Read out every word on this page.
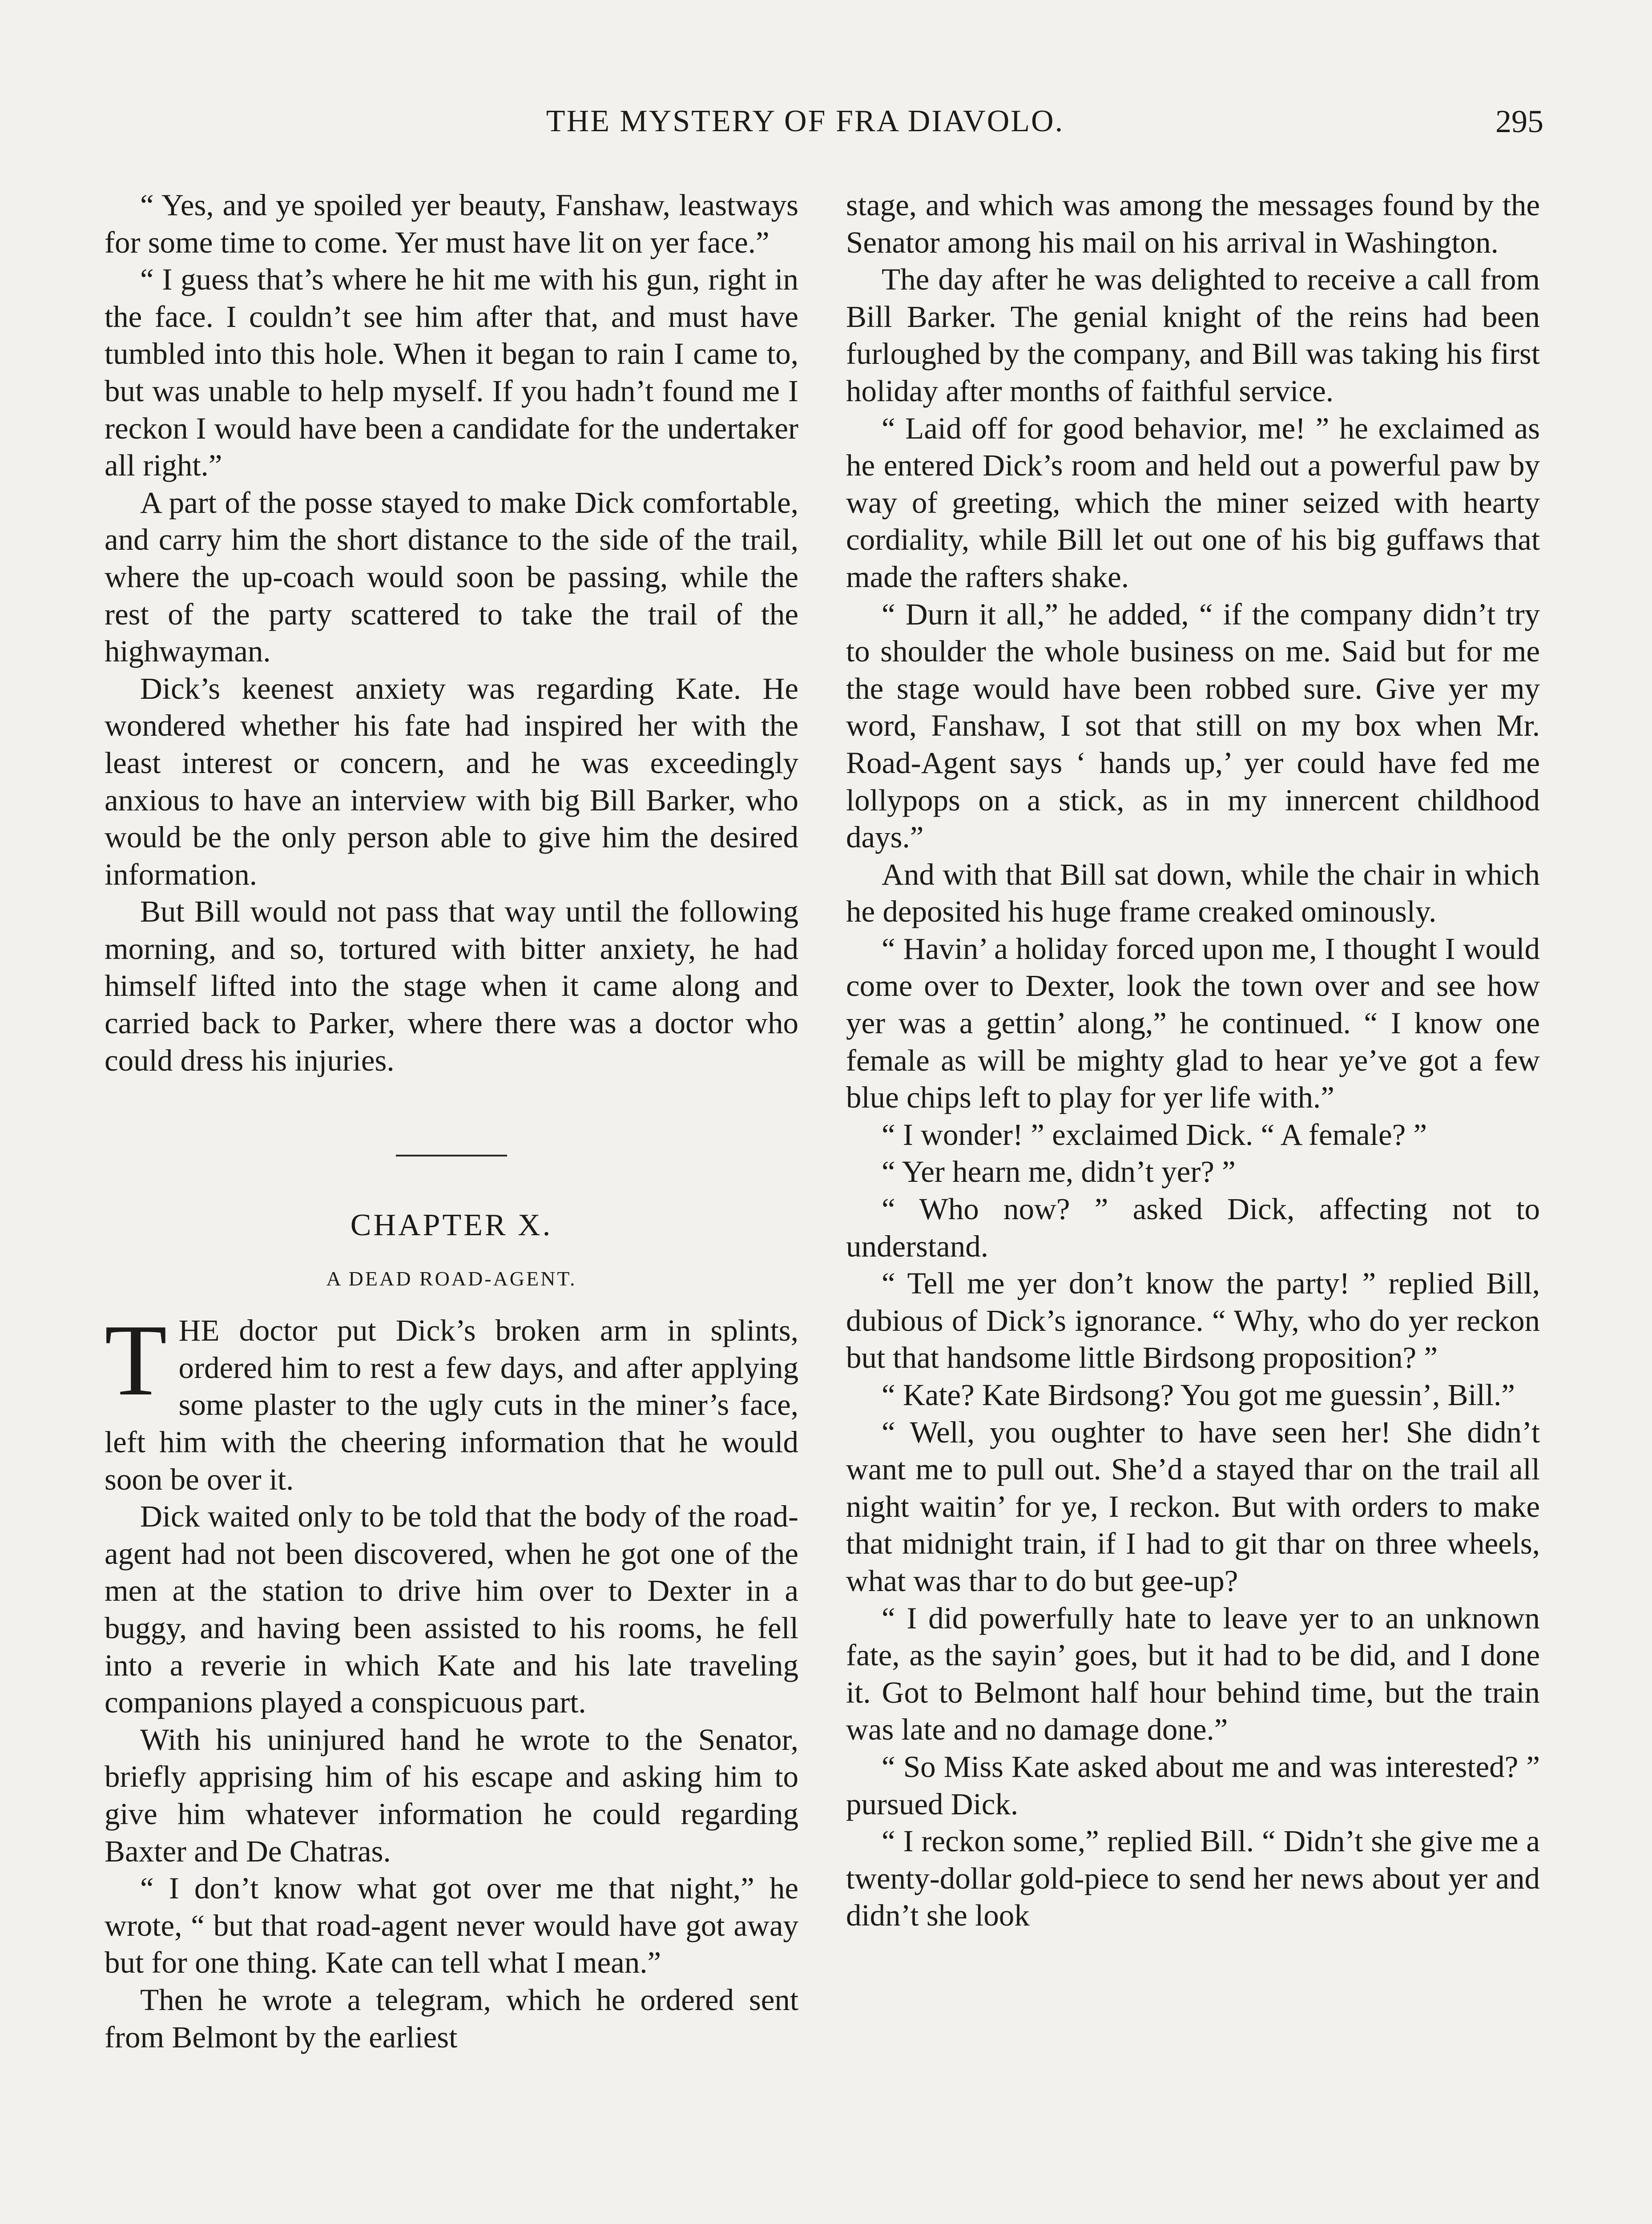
THE MYSTERY OF FRA DIAVOLO.	295

“ Yes, and ye spoiled yer beauty, Fanshaw, leastways for some time to come. Yer must have lit on yer face.”

“ I guess that’s where he hit me with his gun, right in the face. I couldn’t see him after that, and must have tumbled into this hole. When it began to rain I came to, but was unable to help myself. If you hadn’t found me I reckon I would have been a candidate for the undertaker all right.”

A part of the posse stayed to make Dick comfortable, and carry him the short distance to the side of the trail, where the up-coach would soon be passing, while the rest of the party scattered to take the trail of the highwayman.

Dick’s keenest anxiety was regarding Kate. He wondered whether his fate had inspired her with the least interest or concern, and he was exceedingly anxious to have an interview with big Bill Barker, who would be the only person able to give him the desired information.

But Bill would not pass that way until the following morning, and so, tortured with bitter anxiety, he had himself lifted into the stage when it came along and carried back to Parker, where there was a doctor who could dress his injuries.

CHAPTER X.
A DEAD ROAD-AGENT.

THE doctor put Dick’s broken arm in splints, ordered him to rest a few days, and after applying some plaster to the ugly cuts in the miner’s face, left him with the cheering information that he would soon be over it.

Dick waited only to be told that the body of the road-agent had not been discovered, when he got one of the men at the station to drive him over to Dexter in a buggy, and having been assisted to his rooms, he fell into a reverie in which Kate and his late traveling companions played a conspicuous part.

With his uninjured hand he wrote to the Senator, briefly apprising him of his escape and asking him to give him whatever information he could regarding Baxter and De Chatras.

“ I don’t know what got over me that night,” he wrote, “ but that road-agent never would have got away but for one thing. Kate can tell what I mean.”

Then he wrote a telegram, which he ordered sent from Belmont by the earliest

stage, and which was among the messages found by the Senator among his mail on his arrival in Washington.

The day after he was delighted to receive a call from Bill Barker. The genial knight of the reins had been furloughed by the company, and Bill was taking his first holiday after months of faithful service.

“ Laid off for good behavior, me! ” he exclaimed as he entered Dick’s room and held out a powerful paw by way of greeting, which the miner seized with hearty cordiality, while Bill let out one of his big guffaws that made the rafters shake.

“ Durn it all,” he added, “ if the company didn’t try to shoulder the whole business on me. Said but for me the stage would have been robbed sure. Give yer my word, Fanshaw, I sot that still on my box when Mr. Road-Agent says ‘ hands up,’ yer could have fed me lollypops on a stick, as in my innercent childhood days.”

And with that Bill sat down, while the chair in which he deposited his huge frame creaked ominously.

“ Havin’ a holiday forced upon me, I thought I would come over to Dexter, look the town over and see how yer was a gettin’ along,” he continued. “ I know one female as will be mighty glad to hear ye’ve got a few blue chips left to play for yer life with.”

“ I wonder! ” exclaimed Dick. “ A female? ”

“ Yer hearn me, didn’t yer? ”

“ Who now? ” asked Dick, affecting not to understand.

“ Tell me yer don’t know the party! ” replied Bill, dubious of Dick’s ignorance. “ Why, who do yer reckon but that handsome little Birdsong proposition? ”

“ Kate? Kate Birdsong? You got me guessin’, Bill.”

“ Well, you oughter to have seen her! She didn’t want me to pull out. She’d a stayed thar on the trail all night waitin’ for ye, I reckon. But with orders to make that midnight train, if I had to git thar on three wheels, what was thar to do but gee-up?

“ I did powerfully hate to leave yer to an unknown fate, as the sayin’ goes, but it had to be did, and I done it. Got to Belmont half hour behind time, but the train was late and no damage done.”

“ So Miss Kate asked about me and was interested? ” pursued Dick.

“ I reckon some,” replied Bill. “ Didn’t she give me a twenty-dollar gold-piece to send her news about yer and didn’t she look
